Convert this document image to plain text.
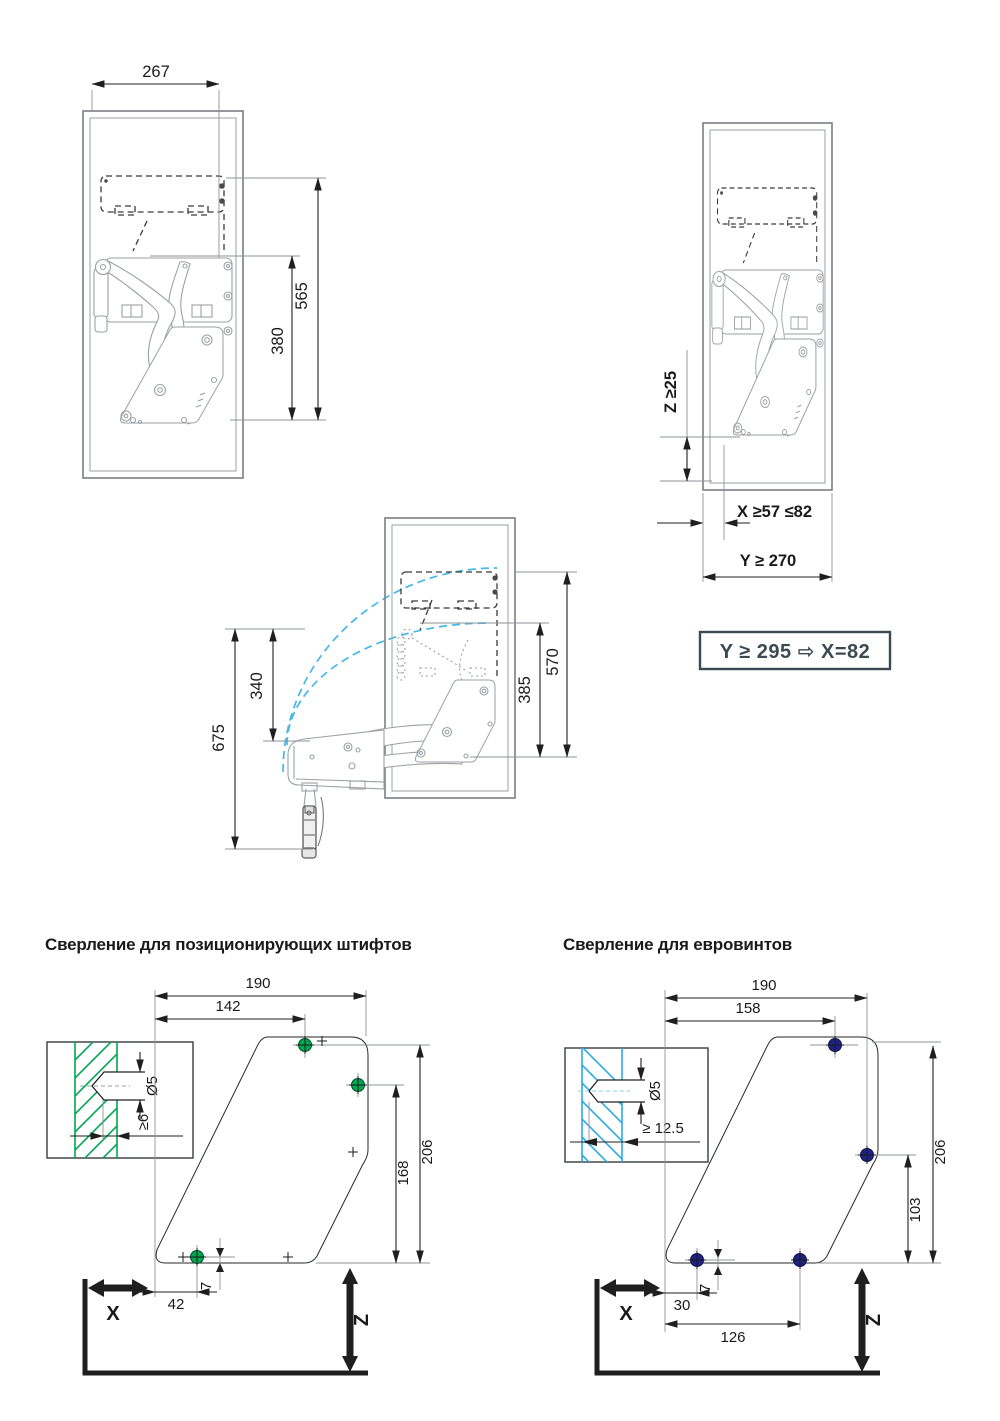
267
565
380
Z ≥25
X ≥57 ≤82
Y ≥ 270
Y ≥ 295 ⇨ X=82
570
385
340
675
Сверление для позиционирующих штифтов
Ø5
≥6
190
142
206
168
42
7
X	Z
Сверление для евровинтов
Ø5
≥ 12.5
190
158
206
103
30
126
7
X	Z
